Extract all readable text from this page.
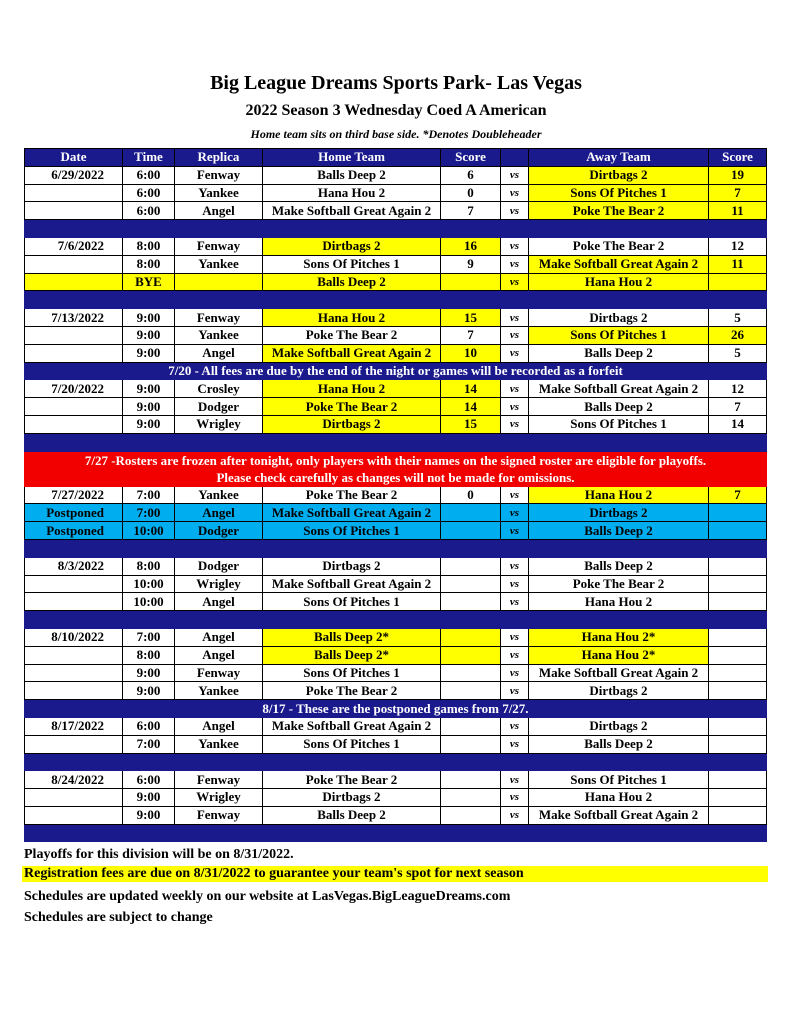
Big League Dreams Sports Park- Las Vegas
2022 Season 3 Wednesday Coed A American
Home team sits on third base side. *Denotes Doubleheader
Date	Time	Replica	Home Team	Score		Away Team	Score
6/29/2022	6:00	Fenway	Balls Deep 2	6	vs	Dirtbags 2	19
	6:00	Yankee	Hana Hou 2	0	vs	Sons Of Pitches 1	7
	6:00	Angel	Make Softball Great Again 2	7	vs	Poke The Bear 2	11

7/6/2022	8:00	Fenway	Dirtbags 2	16	vs	Poke The Bear 2	12
	8:00	Yankee	Sons Of Pitches 1	9	vs	Make Softball Great Again 2	11
	BYE		Balls Deep 2		vs	Hana Hou 2	

7/13/2022	9:00	Fenway	Hana Hou 2	15	vs	Dirtbags 2	5
	9:00	Yankee	Poke The Bear 2	7	vs	Sons Of Pitches 1	26
	9:00	Angel	Make Softball Great Again 2	10	vs	Balls Deep 2	5

7/20 - All fees are due by the end of the night or games will be recorded as a forfeit							

7/20/2022	9:00	Crosley	Hana Hou 2	14	vs	Make Softball Great Again 2	12
	9:00	Dodger	Poke The Bear 2	14	vs	Balls Deep 2	7
	9:00	Wrigley	Dirtbags 2	15	vs	Sons Of Pitches 1	14

7/27 -Rosters are frozen after tonight, only players with their names on the signed roster are eligible for playoffs.
Please check carefully as changes will not be made for omissions.							

7/27/2022	7:00	Yankee	Poke The Bear 2	0	vs	Hana Hou 2	7
Postponed	7:00	Angel	Make Softball Great Again 2		vs	Dirtbags 2	
Postponed	10:00	Dodger	Sons Of Pitches 1		vs	Balls Deep 2	

8/3/2022	8:00	Dodger	Dirtbags 2		vs	Balls Deep 2	
	10:00	Wrigley	Make Softball Great Again 2		vs	Poke The Bear 2	
	10:00	Angel	Sons Of Pitches 1		vs	Hana Hou 2	

8/10/2022	7:00	Angel	Balls Deep 2*		vs	Hana Hou 2*	
	8:00	Angel	Balls Deep 2*		vs	Hana Hou 2*	
	9:00	Fenway	Sons Of Pitches 1		vs	Make Softball Great Again 2	
	9:00	Yankee	Poke The Bear 2		vs	Dirtbags 2	

8/17 - These are the postponed games from 7/27.							

8/17/2022	6:00	Angel	Make Softball Great Again 2		vs	Dirtbags 2	
	7:00	Yankee	Sons Of Pitches 1		vs	Balls Deep 2	

8/24/2022	6:00	Fenway	Poke The Bear 2		vs	Sons Of Pitches 1	
	9:00	Wrigley	Dirtbags 2		vs	Hana Hou 2	
	9:00	Fenway	Balls Deep 2		vs	Make Softball Great Again 2	

Playoffs for this division will be on 8/31/2022.
Registration fees are due on 8/31/2022 to guarantee your team's spot for next season
Schedules are updated weekly on our website at LasVegas.BigLeagueDreams.com
Schedules are subject to change
